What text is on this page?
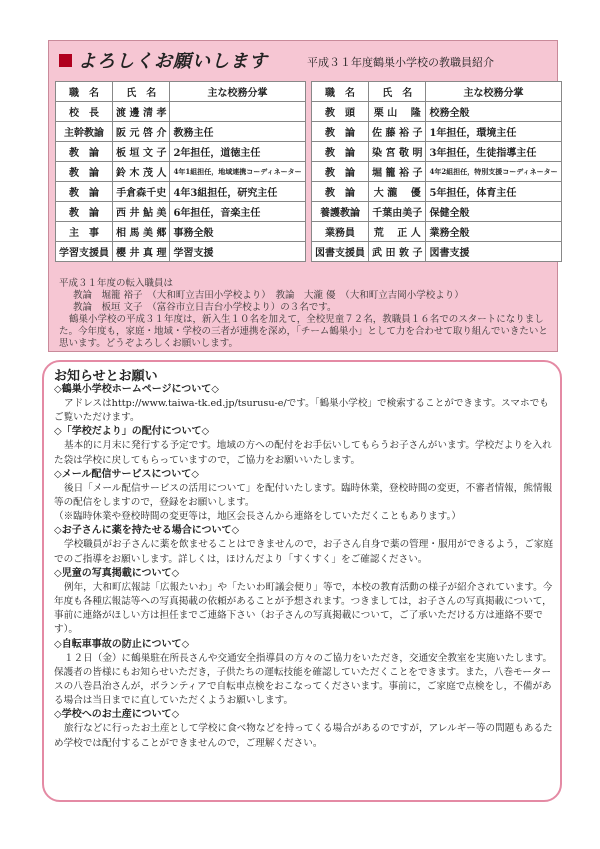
よろしくお願いします	平成３１年度鶴巣小学校の教職員紹介
職　名	氏　名	主な校務分掌
校　長	渡 邊 清 孝	
主幹教諭	阪 元 啓 介	教務主任
教　論	板 垣 文 子	2年担任，道徳主任
教　論	鈴 木 茂 人	4年1組担任，地域連携コーディネーター
教　論	手倉森千史	4年3組担任，研究主任
教　論	西 井 鮎 美	6年担任，音楽主任
主　事	相 馬 美 郷	事務全般
学習支援員	櫻 井 真 理	学習支援
職　名	氏　名	主な校務分掌
教　頭	栗 山　 隆	校務全般
教　論	佐 藤 裕 子	1年担任，環境主任
教　論	染 宮 敬 明	3年担任，生徒指導主任
教　論	堀 籠 裕 子	4年2組担任，特別支援コーディネーター
教　論	大 瀧　 優	5年担任，体育主任
養護教論	千葉由美子	保健全般
業務員	荒　 正 人	業務全般
図書支援員	武 田 敦 子	図書支援
平成３１年度の転入職員は
教論　堀籠 裕子　（大和町立吉田小学校より）　教論　大瀧 優　（大和町立吉岡小学校より）
教論　板垣 文子　（富谷市立日吉台小学校より）の３名です。
鶴巣小学校の平成３１年度は，新入生１０名を加えて，全校児童７２名，教職員１６名でのスタートになりました。今年度も，家庭・地域・学校の三者が連携を深め，「チーム鶴巣小」として力を合わせて取り組んでいきたいと思います。どうぞよろしくお願いします。
お知らせとお願い
◇鶴巣小学校ホームページについて◇

アドレスはhttp://www.taiwa-tk.ed.jp/tsurusu-e/です。「鶴巣小学校」で検索することができます。スマホでもご覧いただけます。

◇「学校だより」の配付について◇

基本的に月末に発行する予定です。地域の方への配付をお手伝いしてもらうお子さんがいます。学校だよりを入れた袋は学校に戻してもらっていますので，ご協力をお願いいたします。

◇メール配信サービスについて◇

後日「メール配信サービスの活用について」を配付いたします。臨時休業，登校時間の変更，不審者情報，熊情報等の配信をしますので，登録をお願いします。

（※臨時休業や登校時間の変更等は，地区会長さんから連絡をしていただくこともあります。）

◇お子さんに薬を持たせる場合について◇

学校職員がお子さんに薬を飲ませることはできませんので，お子さん自身で薬の管理・服用ができるよう，ご家庭でのご指導をお願いします。詳しくは，ほけんだより「すくすく」をご確認ください。

◇児童の写真掲載について◇

例年，大和町広報誌「広報たいわ」や「たいわ町議会便り」等で，本校の教育活動の様子が紹介されています。今年度も各種広報誌等への写真掲載の依頼があることが予想されます。つきましては，お子さんの写真掲載について，事前に連絡がほしい方は担任までご連絡下さい（お子さんの写真掲載について，ご了承いただける方は連絡不要です）。

◇自転車事故の防止について◇

１２日（金）に鶴巣駐在所長さんや交通安全指導員の方々のご協力をいただき，交通安全教室を実施いたします。保護者の皆様にもお知らせいただき，子供たちの運転技能を確認していただくことをできます。また，八巻モータースの八巻昌治さんが，ボランティアで自転車点検をおこなってくださいます。事前に，ご家庭で点検をし，不備がある場合は当日までに直していただくようお願いします。

◇学校へのお土産について◇

旅行などに行ったお土産として学校に食べ物などを持ってくる場合があるのですが，アレルギー等の問題もあるため学校では配付することができませんので，ご理解ください。
